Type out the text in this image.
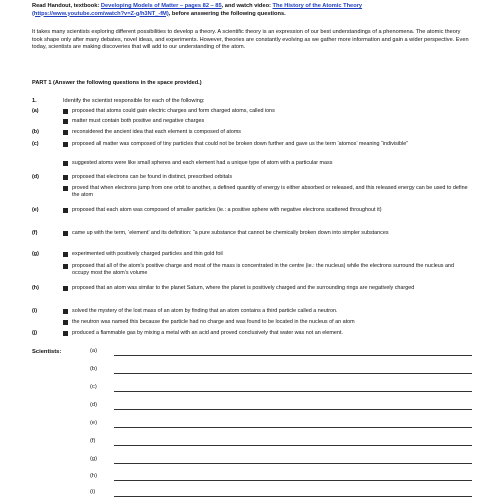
Read Handout, textbook: Developing Models of Matter – pages 82 – 85, and watch video: The History of the Atomic Theory
(https://www.youtube.com/watch?v=Z-g/h3NT_-fM), before answering the following questions.
It takes many scientists exploring different possibilities to develop a theory. A scientific theory is an expression of our best understandings of a phenomena. The atomic theory took shape only after many debates, novel ideas, and experiments. However, theories are constantly evolving as we gather more information and gain a wider perspective. Even today, scientists are making discoveries that will add to our understanding of the atom.
PART 1 (Answer the following questions in the space provided.)
1.	Identify the scientist responsible for each of the following:
(a)	proposed that atoms could gain electric charges and form charged atoms, called ions
matter must contain both positive and negative charges
(b)	reconsidered the ancient idea that each element is composed of atoms
(c)	proposed all matter was composed of tiny particles that could not be broken down further and gave us the term ‘atomos’ meaning “indivisible”
suggested atoms were like small spheres and each element had a unique type of atom with a particular mass
(d)	proposed that electrons can be found in distinct, prescribed orbitals
proved that when electrons jump from one orbit to another, a defined quantity of energy is either absorbed or released, and this released energy can be used to define the atom
(e)	proposed that each atom was composed of smaller particles (ie.: a positive sphere with negative electrons scattered throughout it)
(f)	came up with the term, ‘element’ and its definition: “a pure substance that cannot be chemically broken down into simpler substances
(g)	experimented with positively charged particles and thin gold foil
proposed that all of the atom’s positive charge and most of the mass is concentrated in the centre (ie.: the nucleus) while the electrons surround the nucleus and occupy most the atom’s volume
(h)	proposed that an atom was similar to the planet Saturn, where the planet is positively charged and the surrounding rings are negatively charged
(i)	solved the mystery of the lost mass of an atom by finding that an atom contains a third particle called a neutron.
the neutron was named this because the particle had no charge and was found to be located in the nucleus of an atom
(j)	produced a flammable gas by mixing a metal with an acid and proved conclusively that water was not an element.
Scientists:	(a)
(b)
(c)
(d)
(e)
(f)
(g)
(h)
(i)
